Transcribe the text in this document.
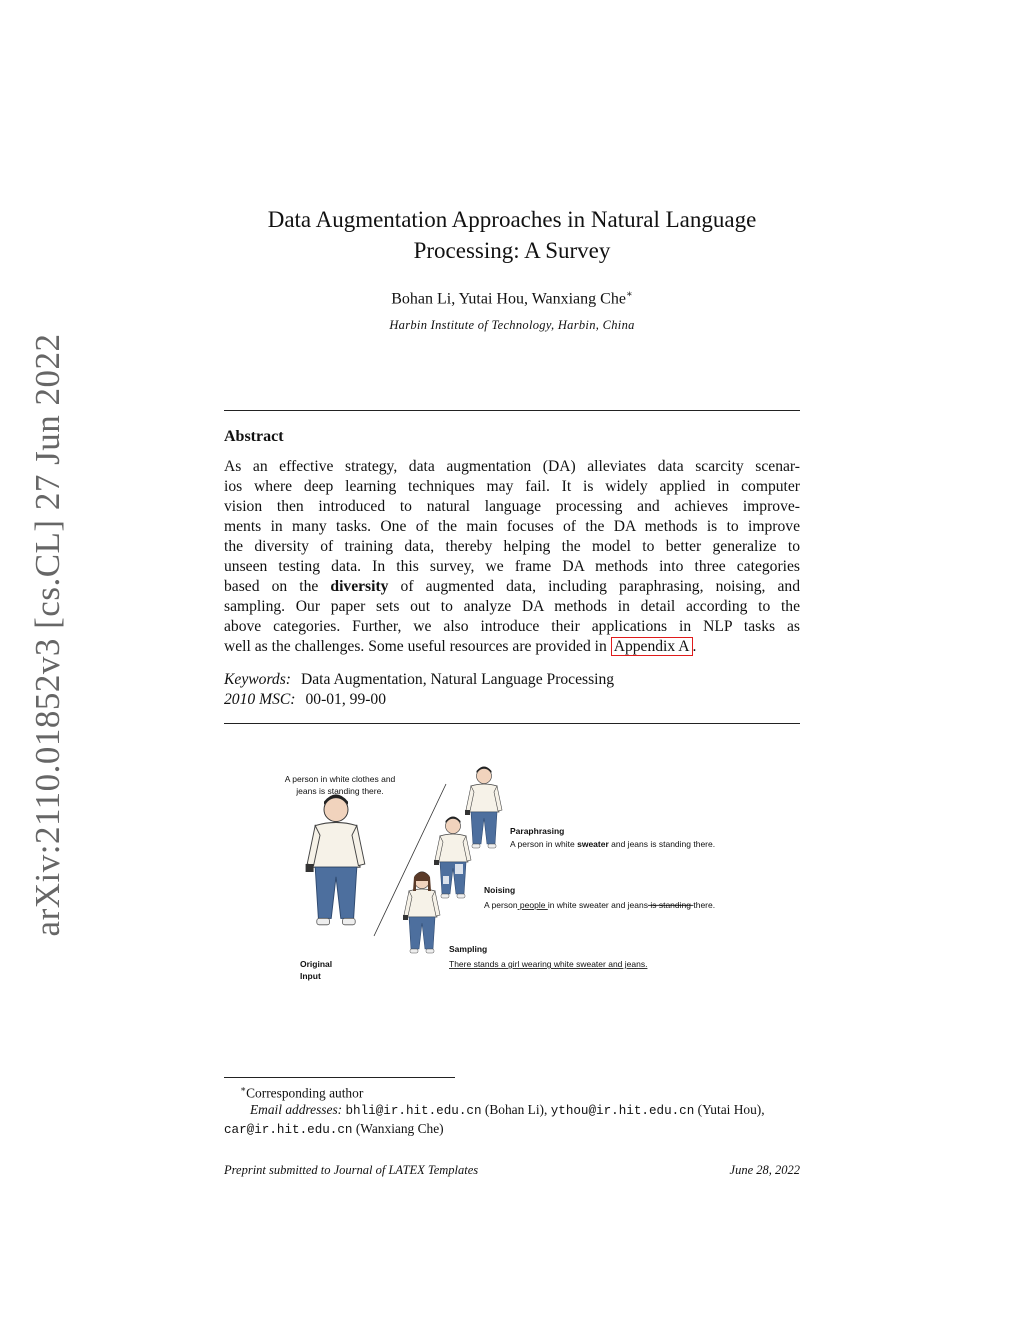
arXiv:2110.01852v3 [cs.CL] 27 Jun 2022
Data Augmentation Approaches in Natural Language
Processing: A Survey
Bohan Li, Yutai Hou, Wanxiang Che∗
Harbin Institute of Technology, Harbin, China
Abstract
As an effective strategy, data augmentation (DA) alleviates data scarcity scenar-
ios where deep learning techniques may fail. It is widely applied in computer
vision then introduced to natural language processing and achieves improve-
ments in many tasks. One of the main focuses of the DA methods is to improve
the diversity of training data, thereby helping the model to better generalize to
unseen testing data. In this survey, we frame DA methods into three categories
based on the diversity of augmented data, including paraphrasing, noising, and
sampling. Our paper sets out to analyze DA methods in detail according to the
above categories. Further, we also introduce their applications in NLP tasks as
well as the challenges. Some useful resources are provided in Appendix A .
Keywords: Data Augmentation, Natural Language Processing
2010 MSC: 00-01, 99-00
A person in white clothes and
jeans is standing there.
Original
Input
Paraphrasing
A person in white sweater and jeans is standing there.
Noising
A person people in white sweater and jeans is standing there.
Sampling
There stands a girl wearing white sweater and jeans.
∗Corresponding author
Email addresses: bhli@ir.hit.edu.cn (Bohan Li), ythou@ir.hit.edu.cn (Yutai Hou),
car@ir.hit.edu.cn (Wanxiang Che)
Preprint submitted to Journal of LATEX Templates	June 28, 2022
